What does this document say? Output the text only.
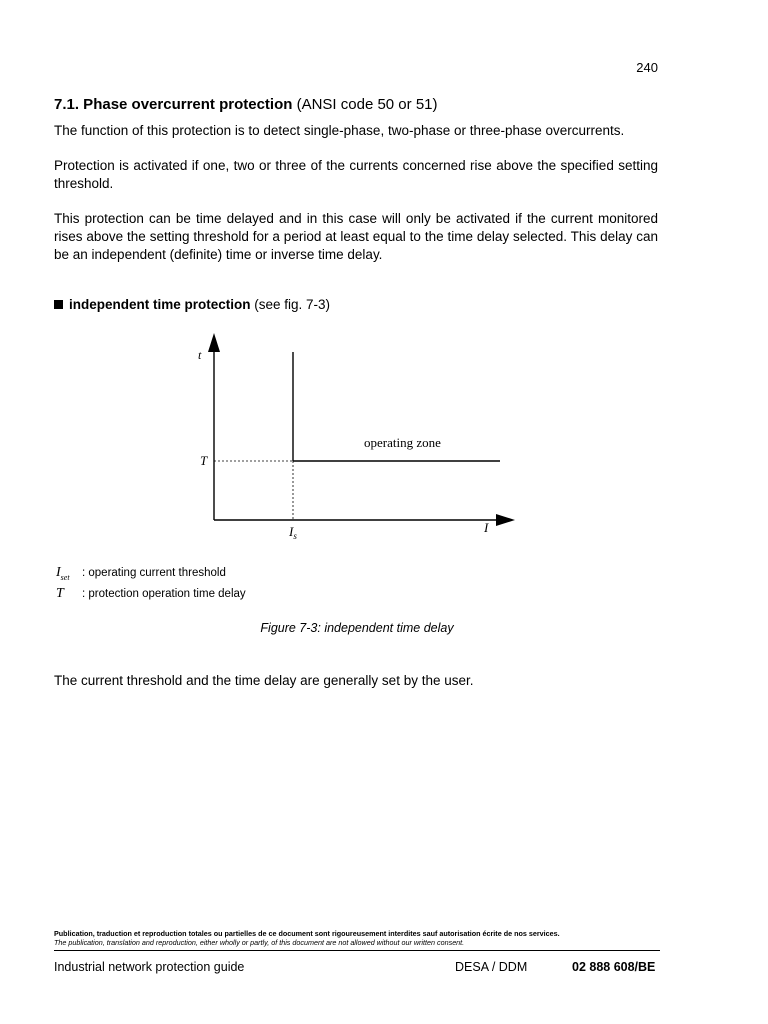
240
7.1. Phase overcurrent protection (ANSI code 50 or 51)
The function of this protection is to detect single-phase, two-phase or three-phase overcurrents.
Protection is activated if one, two or three of the currents concerned rise above the specified setting threshold.
This protection can be time delayed and in this case will only be activated if the current monitored rises above the setting threshold for a period at least equal to the time delay selected. This delay can be an independent (definite) time or inverse time delay.
independent time protection (see fig. 7-3)
t
T
$I_s$
I
operating zone
$I_{set}$ : operating current threshold
T : protection operation time delay
Figure 7-3: independent time delay
The current threshold and the time delay are generally set by the user.
Publication, traduction et reproduction totales ou partielles de ce document sont rigoureusement interdites sauf autorisation écrite de nos services.
The publication, translation and reproduction, either wholly or partly, of this document are not allowed without our written consent.
Industrial network protection guide	DESA / DDM	02 888 608/BE
